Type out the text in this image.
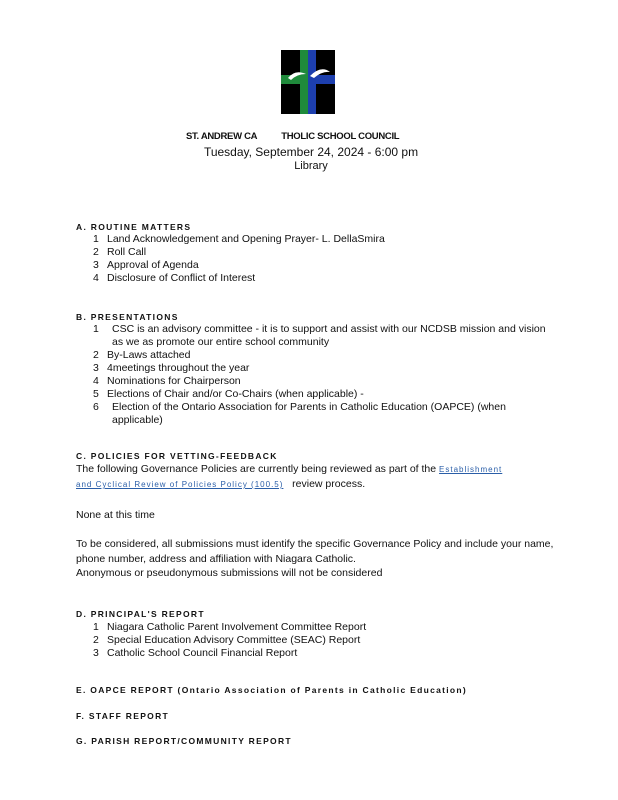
ST. ANDREW CA	THOLIC SCHOOL COUNCIL
Tuesday, September 24, 2024 - 6:00 pm
Library
A. ROUTINE MATTERS
1 Land Acknowledgement and Opening Prayer- L. DellaSmira
2 Roll Call
3 Approval of Agenda
4 Disclosure of Conflict of Interest
B. PRESENTATIONS
1	CSC is an advisory committee - it is to support and assist with our NCDSB mission and vision as we as promote our entire school community
2 By-Laws attached
3 4meetings throughout the year
4 Nominations for Chairperson
5 Elections of Chair and/or Co-Chairs (when applicable) -
6	Election of the Ontario Association for Parents in Catholic Education (OAPCE) (when applicable)
C. POLICIES FOR VETTING-FEEDBACK
The following Governance Policies are currently being reviewed as part of the Establishment
and Cyclical Review of Policies Policy (100.5) review process.
None at this time
To be considered, all submissions must identify the specific Governance Policy and include your name, phone number, address and affiliation with Niagara Catholic.
Anonymous or pseudonymous submissions will not be considered
D. PRINCIPAL'S REPORT
1 Niagara Catholic Parent Involvement Committee Report
2 Special Education Advisory Committee (SEAC) Report
3 Catholic School Council Financial Report
E. OAPCE REPORT (Ontario Association of Parents in Catholic Education)
F. STAFF REPORT
G. PARISH REPORT/COMMUNITY REPORT
